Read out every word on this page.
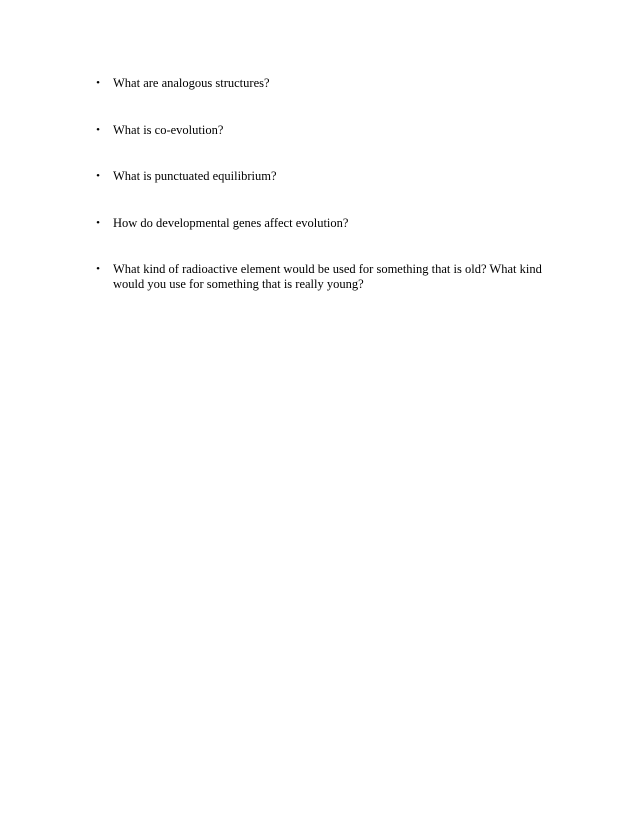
• What are analogous structures?
• What is co-evolution?
• What is punctuated equilibrium?
• How do developmental genes affect evolution?
• What kind of radioactive element would be used for something that is old? What kind would you use for something that is really young?
